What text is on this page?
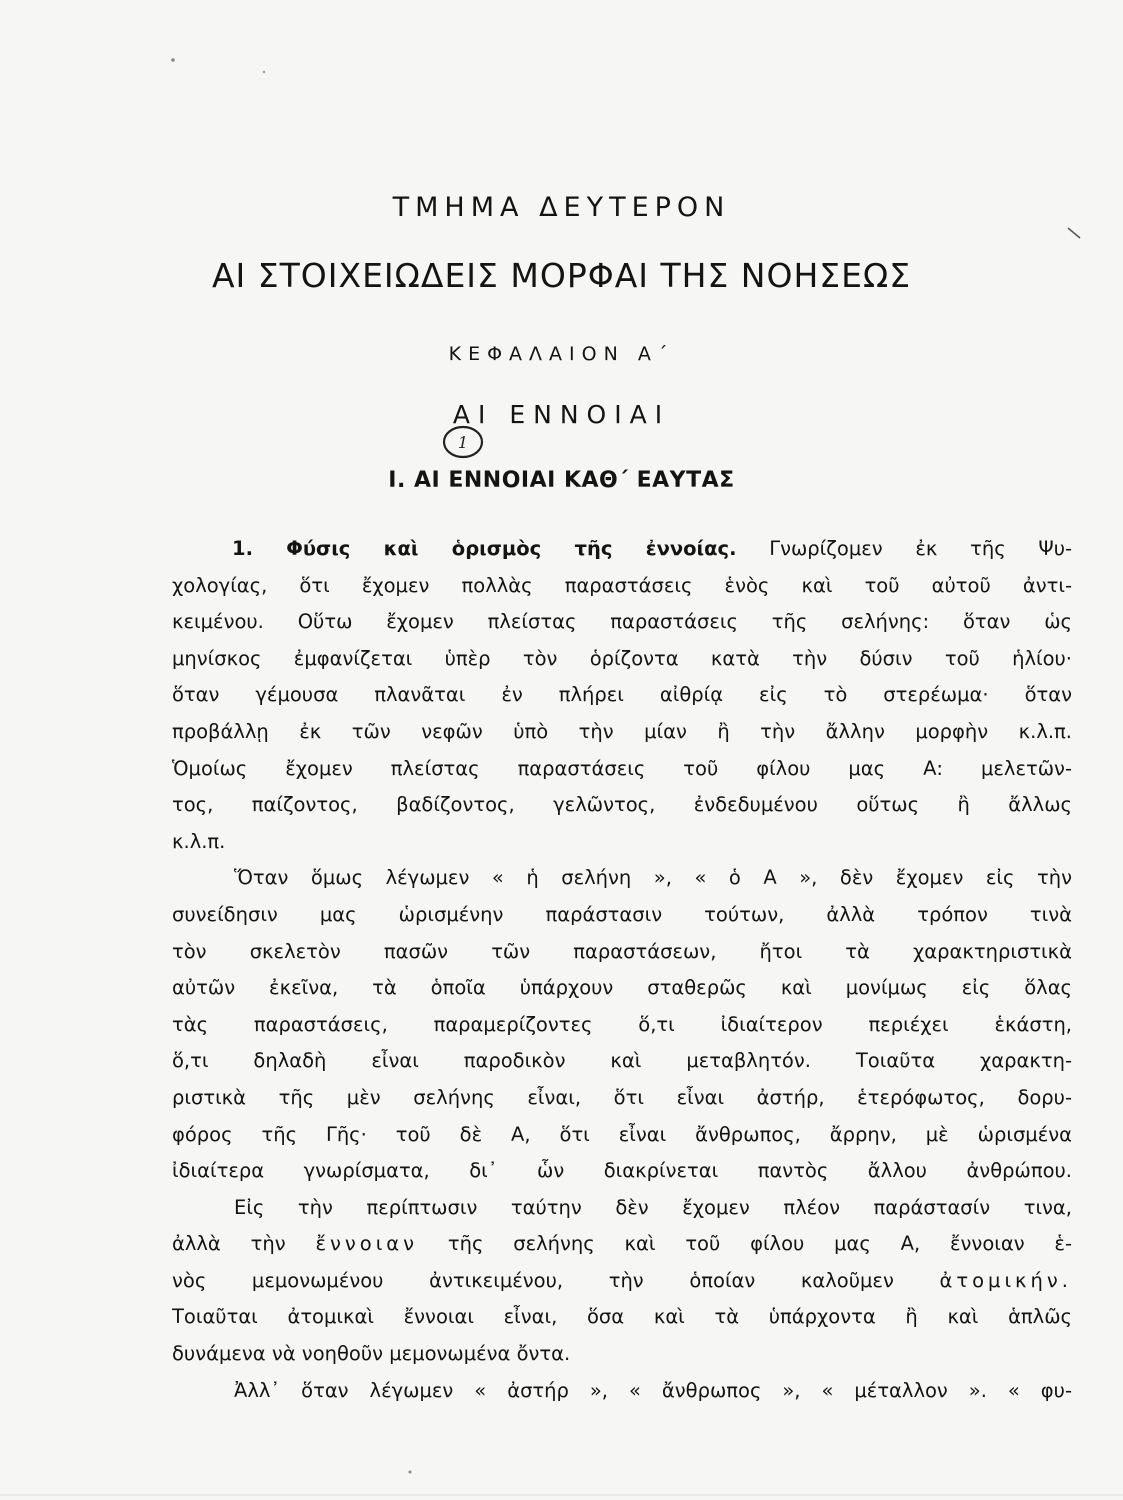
ΤΜΗΜΑ ΔΕΥΤΕΡΟΝ
ΑΙ ΣΤΟΙΧΕΙΩΔΕΙΣ ΜΟΡΦΑΙ ΤΗΣ ΝΟΗΣΕΩΣ
ΚΕΦΑΛΑΙΟΝ Α΄
ΑΙ ΕΝΝΟΙΑΙ
1
Ι. ΑΙ ΕΝΝΟΙΑΙ ΚΑΘ΄ ΕΑΥΤΑΣ
1. Φύσις καὶ ὁρισμὸς τῆς ἐννοίας. Γνωρίζομεν ἐκ τῆς Ψυ-
χολογίας, ὅτι ἔχομεν πολλὰς παραστάσεις ἑνὸς καὶ τοῦ αὐτοῦ ἀντι-
κειμένου. Οὕτω ἔχομεν πλείστας παραστάσεις τῆς σελήνης: ὅταν ὡς
μηνίσκος ἐμφανίζεται ὑπὲρ τὸν ὁρίζοντα κατὰ τὴν δύσιν τοῦ ἡλίου·
ὅταν γέμουσα πλανᾶται ἐν πλήρει αἰθρίᾳ εἰς τὸ στερέωμα· ὅταν
προβάλλῃ ἐκ τῶν νεφῶν ὑπὸ τὴν μίαν ἢ τὴν ἄλλην μορφὴν κ.λ.π.
Ὁμοίως ἔχομεν πλείστας παραστάσεις τοῦ φίλου μας Α: μελετῶν-
τος, παίζοντος, βαδίζοντος, γελῶντος, ἐνδεδυμένου οὕτως ἢ ἄλλως
κ.λ.π.
Ὅταν ὅμως λέγωμεν « ἡ σελήνη », « ὁ Α », δὲν ἔχομεν εἰς τὴν
συνείδησιν μας ὡρισμένην παράστασιν τούτων, ἀλλὰ τρόπον τινὰ
τὸν σκελετὸν πασῶν τῶν παραστάσεων, ἤτοι τὰ χαρακτηριστικὰ
αὐτῶν ἐκεῖνα, τὰ ὁποῖα ὑπάρχουν σταθερῶς καὶ μονίμως εἰς ὅλας
τὰς παραστάσεις, παραμερίζοντες ὅ,τι ἰδιαίτερον περιέχει ἑκάστη,
ὅ,τι δηλαδὴ εἶναι παροδικὸν καὶ μεταβλητόν. Τοιαῦτα χαρακτη-
ριστικὰ τῆς μὲν σελήνης εἶναι, ὅτι εἶναι ἀστήρ, ἑτερόφωτος, δορυ-
φόρος τῆς Γῆς· τοῦ δὲ Α, ὅτι εἶναι ἄνθρωπος, ἄρρην, μὲ ὡρισμένα
ἰδιαίτερα γνωρίσματα, δι᾽ ὧν διακρίνεται παντὸς ἄλλου ἀνθρώπου.
Εἰς τὴν περίπτωσιν ταύτην δὲν ἔχομεν πλέον παράστασίν τινα,
ἀλλὰ τὴν ἔννοιαν τῆς σελήνης καὶ τοῦ φίλου μας Α, ἔννοιαν ἑ-
νὸς μεμονωμένου ἀντικειμένου, τὴν ὁποίαν καλοῦμεν ἀτομικήν.
Τοιαῦται ἀτομικαὶ ἔννοιαι εἶναι, ὅσα καὶ τὰ ὑπάρχοντα ἢ καὶ ἁπλῶς
δυνάμενα νὰ νοηθοῦν μεμονωμένα ὄντα.
Ἀλλ᾽ ὅταν λέγωμεν « ἀστήρ », « ἄνθρωπος », « μέταλλον ». « φυ-
